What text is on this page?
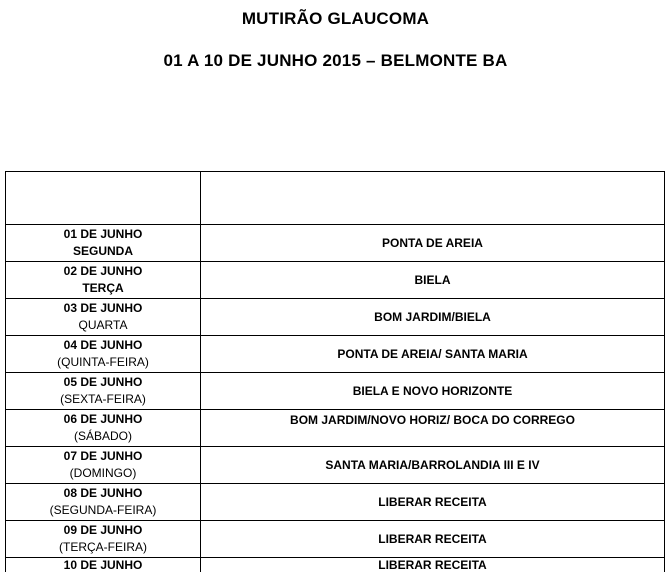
MUTIRÃO GLAUCOMA
01 A 10 DE JUNHO 2015 – BELMONTE BA

01 DE JUNHO
SEGUNDA	PONTA DE AREIA

02 DE JUNHO
TERÇA	BIELA

03 DE JUNHO
QUARTA	BOM JARDIM/BIELA

04 DE JUNHO
(QUINTA-FEIRA)	PONTA DE AREIA/ SANTA MARIA

05 DE JUNHO
(SEXTA-FEIRA)	BIELA E NOVO HORIZONTE

06 DE JUNHO
(SÁBADO)	BOM JARDIM/NOVO HORIZ/ BOCA DO CORREGO

07 DE JUNHO
(DOMINGO)	SANTA MARIA/BARROLANDIA III E IV

08 DE JUNHO
(SEGUNDA-FEIRA)	LIBERAR RECEITA

09 DE JUNHO
(TERÇA-FEIRA)	LIBERAR RECEITA

10 DE JUNHO	LIBERAR RECEITA
